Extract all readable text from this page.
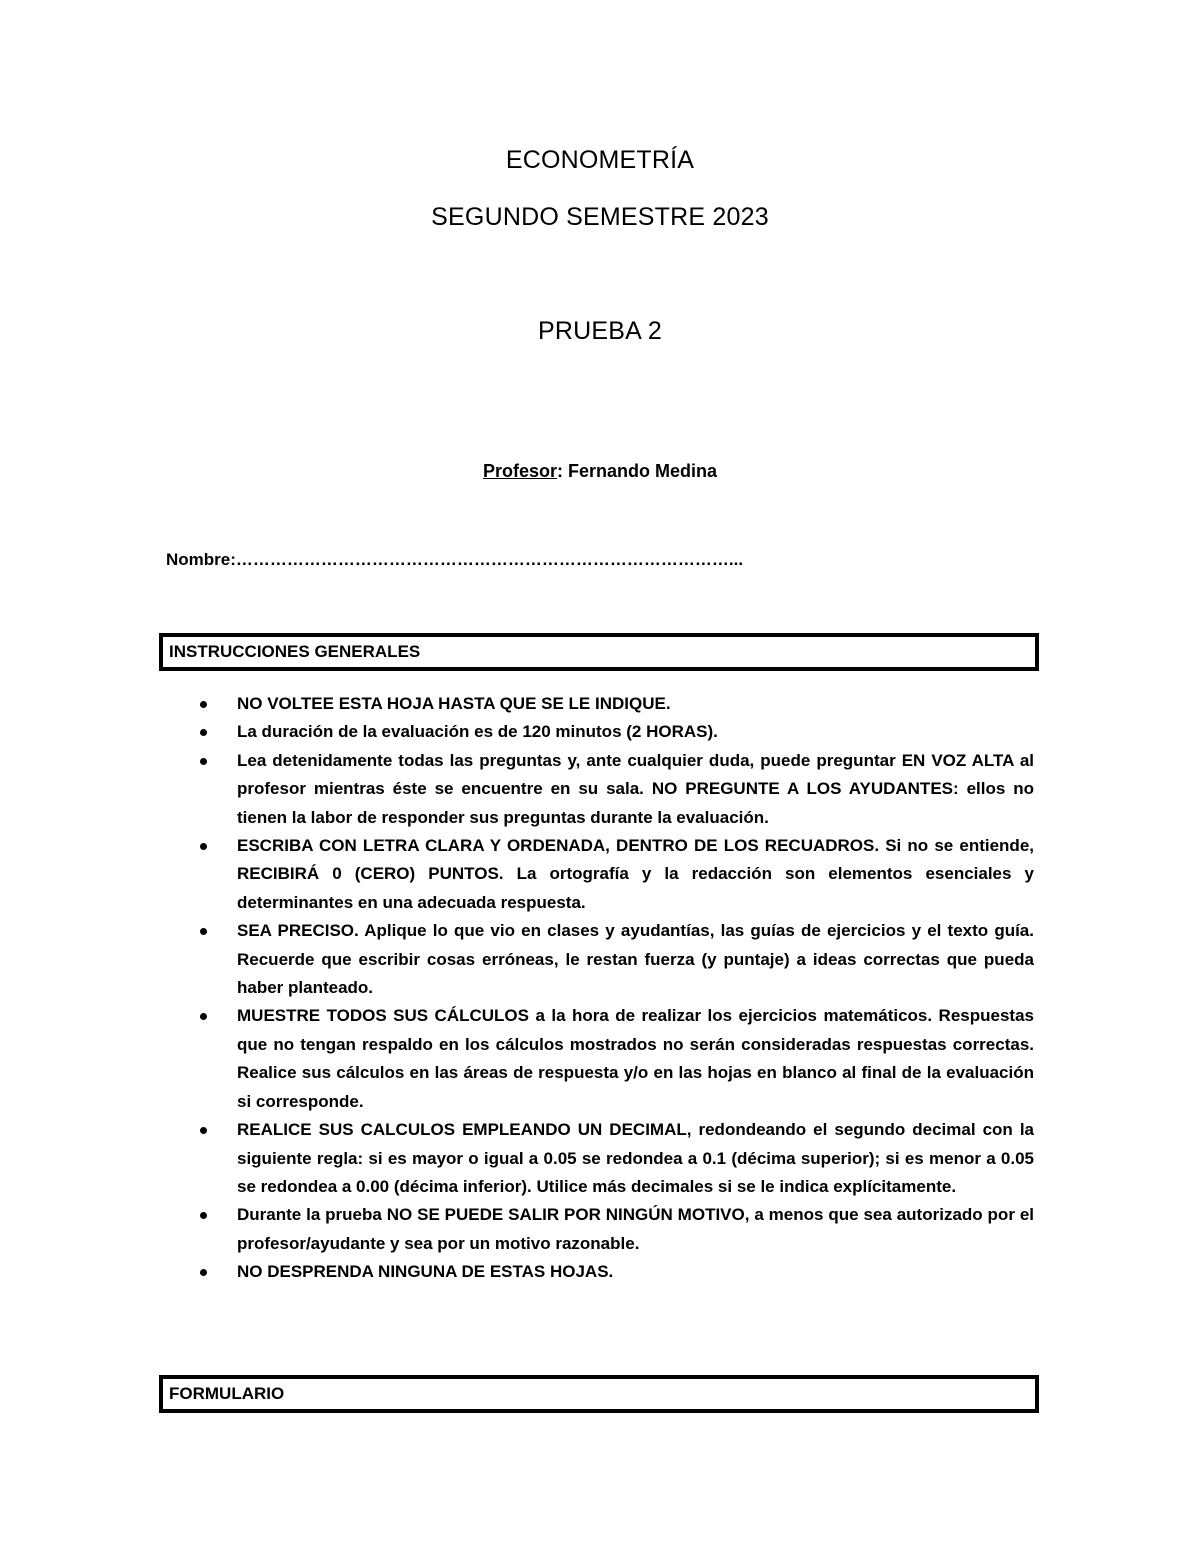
ECONOMETRÍA
SEGUNDO SEMESTRE 2023
PRUEBA 2
Profesor: Fernando Medina
Nombre:……………………………………………………………………………...
INSTRUCCIONES GENERALES
NO VOLTEE ESTA HOJA HASTA QUE SE LE INDIQUE.
La duración de la evaluación es de 120 minutos (2 HORAS).
Lea detenidamente todas las preguntas y, ante cualquier duda, puede preguntar EN VOZ ALTA al profesor mientras éste se encuentre en su sala. NO PREGUNTE A LOS AYUDANTES: ellos no tienen la labor de responder sus preguntas durante la evaluación.
ESCRIBA CON LETRA CLARA Y ORDENADA, DENTRO DE LOS RECUADROS. Si no se entiende, RECIBIRÁ 0 (CERO) PUNTOS. La ortografía y la redacción son elementos esenciales y determinantes en una adecuada respuesta.
SEA PRECISO. Aplique lo que vio en clases y ayudantías, las guías de ejercicios y el texto guía. Recuerde que escribir cosas erróneas, le restan fuerza (y puntaje) a ideas correctas que pueda haber planteado.
MUESTRE TODOS SUS CÁLCULOS a la hora de realizar los ejercicios matemáticos. Respuestas que no tengan respaldo en los cálculos mostrados no serán consideradas respuestas correctas. Realice sus cálculos en las áreas de respuesta y/o en las hojas en blanco al final de la evaluación si corresponde.
REALICE SUS CALCULOS EMPLEANDO UN DECIMAL, redondeando el segundo decimal con la siguiente regla: si es mayor o igual a 0.05 se redondea a 0.1 (décima superior); si es menor a 0.05 se redondea a 0.00 (décima inferior). Utilice más decimales si se le indica explícitamente.
Durante la prueba NO SE PUEDE SALIR POR NINGÚN MOTIVO, a menos que sea autorizado por el profesor/ayudante y sea por un motivo razonable.
NO DESPRENDA NINGUNA DE ESTAS HOJAS.
FORMULARIO
